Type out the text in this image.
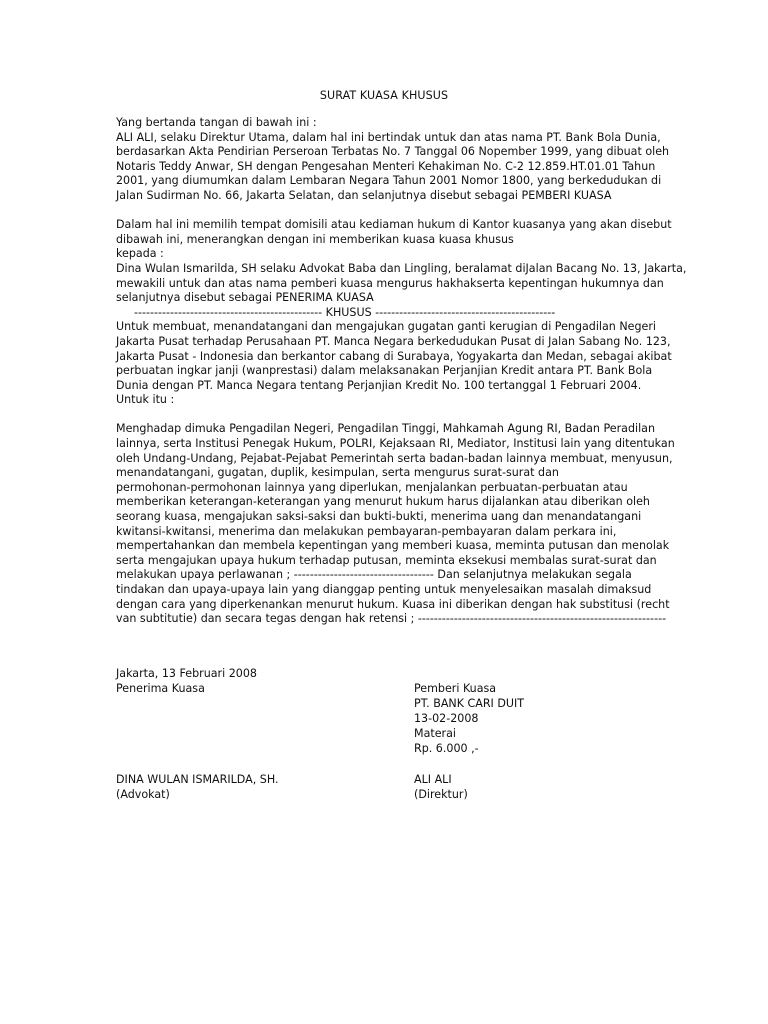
SURAT KUASA KHUSUS
Yang bertanda tangan di bawah ini :
ALI ALI, selaku Direktur Utama, dalam hal ini bertindak untuk dan atas nama PT. Bank Bola Dunia,
berdasarkan Akta Pendirian Perseroan Terbatas No. 7 Tanggal 06 Nopember 1999, yang dibuat oleh
Notaris Teddy Anwar, SH dengan Pengesahan Menteri Kehakiman No. C-2 12.859.HT.01.01 Tahun
2001, yang diumumkan dalam Lembaran Negara Tahun 2001 Nomor 1800, yang berkedudukan di
Jalan Sudirman No. 66, Jakarta Selatan, dan selanjutnya disebut sebagai PEMBERI KUASA
Dalam hal ini memilih tempat domisili atau kediaman hukum di Kantor kuasanya yang akan disebut
dibawah ini, menerangkan dengan ini memberikan kuasa kuasa khusus
kepada :
Dina Wulan Ismarilda, SH selaku Advokat Baba dan Lingling, beralamat diJalan Bacang No. 13, Jakarta,
mewakili untuk dan atas nama pemberi kuasa mengurus hakhakserta kepentingan hukumnya dan
selanjutnya disebut sebagai PENERIMA KUASA
----------------------------------------------- KHUSUS ---------------------------------------------
Untuk membuat, menandatangani dan mengajukan gugatan ganti kerugian di Pengadilan Negeri
Jakarta Pusat terhadap Perusahaan PT. Manca Negara berkedudukan Pusat di Jalan Sabang No. 123,
Jakarta Pusat - Indonesia dan berkantor cabang di Surabaya, Yogyakarta dan Medan, sebagai akibat
perbuatan ingkar janji (wanprestasi) dalam melaksanakan Perjanjian Kredit antara PT. Bank Bola
Dunia dengan PT. Manca Negara tentang Perjanjian Kredit No. 100 tertanggal 1 Februari 2004.
Untuk itu :
Menghadap dimuka Pengadilan Negeri, Pengadilan Tinggi, Mahkamah Agung RI, Badan Peradilan
lainnya, serta Institusi Penegak Hukum, POLRI, Kejaksaan RI, Mediator, Institusi lain yang ditentukan
oleh Undang-Undang, Pejabat-Pejabat Pemerintah serta badan-badan lainnya membuat, menyusun,
menandatangani, gugatan, duplik, kesimpulan, serta mengurus surat-surat dan
permohonan-permohonan lainnya yang diperlukan, menjalankan perbuatan-perbuatan atau
memberikan keterangan-keterangan yang menurut hukum harus dijalankan atau diberikan oleh
seorang kuasa, mengajukan saksi-saksi dan bukti-bukti, menerima uang dan menandatangani
kwitansi-kwitansi, menerima dan melakukan pembayaran-pembayaran dalam perkara ini,
mempertahankan dan membela kepentingan yang memberi kuasa, meminta putusan dan menolak
serta mengajukan upaya hukum terhadap putusan, meminta eksekusi membalas surat-surat dan
melakukan upaya perlawanan ; ----------------------------------- Dan selanjutnya melakukan segala
tindakan dan upaya-upaya lain yang dianggap penting untuk menyelesaikan masalah dimaksud
dengan cara yang diperkenankan menurut hukum. Kuasa ini diberikan dengan hak substitusi (recht
van subtitutie) dan secara tegas dengan hak retensi ; --------------------------------------------------------------
Jakarta, 13 Februari 2008
Penerima Kuasa	Pemberi Kuasa
PT. BANK CARI DUIT
13-02-2008
Materai
Rp. 6.000 ,-
DINA WULAN ISMARILDA, SH.	ALI ALI
(Advokat)	(Direktur)
